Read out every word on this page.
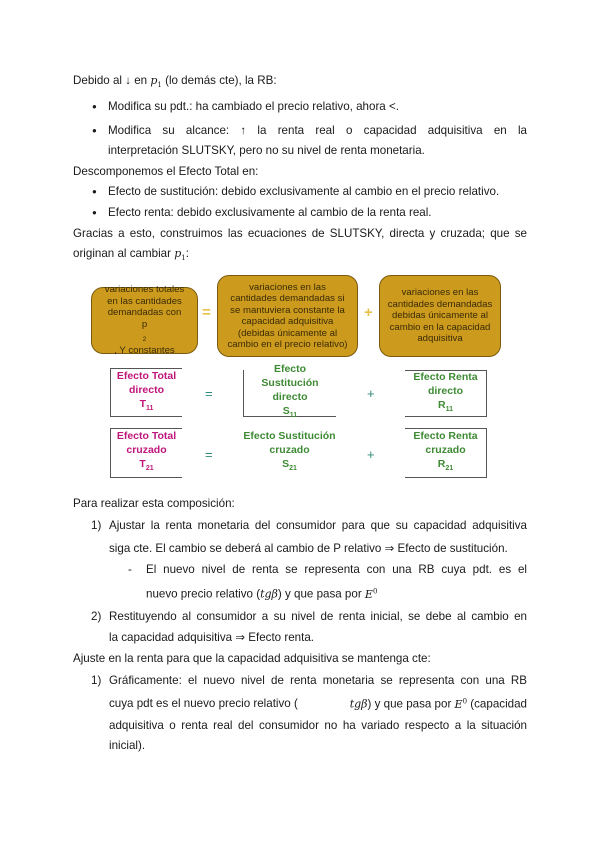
Debido al ↓ en $p_1$ (lo demás cte), la RB:
● Modifica su pdt.: ha cambiado el precio relativo, ahora <.
● Modifica su alcance: ↑ la renta real o capacidad adquisitiva en la
interpretación SLUTSKY, pero no su nivel de renta monetaria.
Descomponemos el Efecto Total en:
● Efecto de sustitución: debido exclusivamente al cambio en el precio relativo.
● Efecto renta: debido exclusivamente al cambio de la renta real.
Gracias a esto, construimos las ecuaciones de SLUTSKY, directa y cruzada; que se
originan al cambiar $p_1$:
variaciones totales
en las cantidades
demandadas con
p
$_2$
, Y constantes
=
variaciones en las
cantidades demandadas si
se mantuviera constante la
capacidad adquisitiva
(debidas únicamente al
cambio en el precio relativo)
+
variaciones en las
cantidades demandadas
debidas únicamente al
cambio en la capacidad
adquisitiva
Efecto Total
directo
$T_{11}$
=
Efecto Sustitución
directo
$S_{11}$
+
Efecto Renta
directo
$R_{11}$
Efecto Total
cruzado
$T_{21}$
=
Efecto Sustitución
cruzado
$S_{21}$
+
Efecto Renta
cruzado
$R_{21}$
Para realizar esta composición:
1) Ajustar la renta monetaria del consumidor para que su capacidad adquisitiva
siga cte. El cambio se deberá al cambio de P relativo ⇒ Efecto de sustitución.
- El nuevo nivel de renta se representa con una RB cuya pdt. es el
nuevo precio relativo (tgβ) y que pasa por $E^0$
2) Restituyendo al consumidor a su nivel de renta inicial, se debe al cambio en
la capacidad adquisitiva ⇒ Efecto renta.
Ajuste en la renta para que la capacidad adquisitiva se mantenga cte:
1) Gráficamente: el nuevo nivel de renta monetaria se representa con una RB
cuya pdt es el nuevo precio relativo (	tgβ) y que pasa por $E^0$ (capacidad
adquisitiva o renta real del consumidor no ha variado respecto a la situación
inicial).
